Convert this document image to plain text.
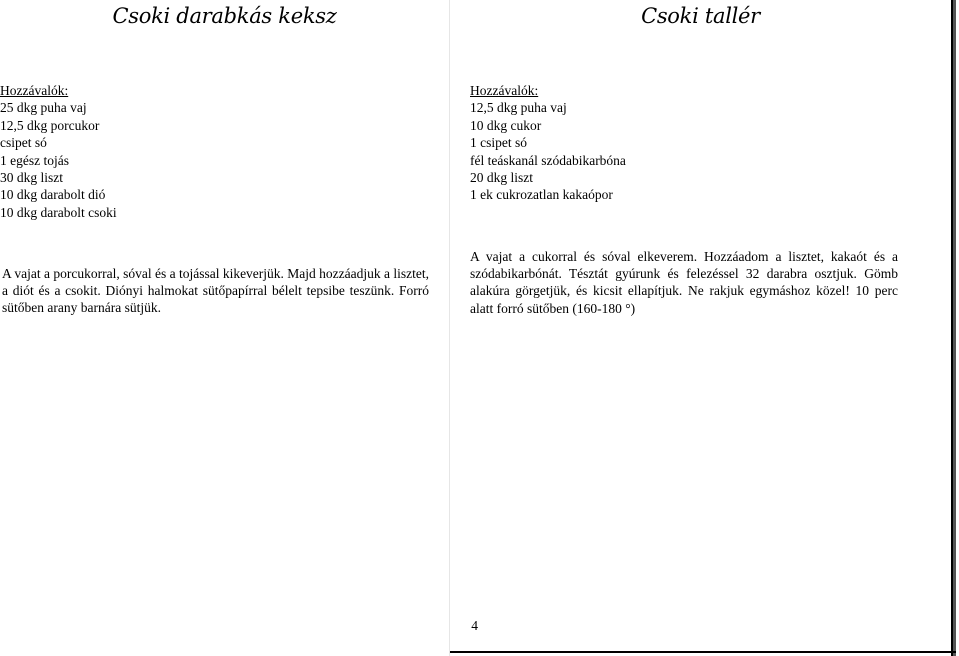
Csoki darabkás keksz
Hozzávalók:
25 dkg puha vaj
12,5 dkg porcukor
csipet só
1 egész tojás
30 dkg liszt
10 dkg darabolt dió
10 dkg darabolt csoki

A vajat a porcukorral, sóval és a tojással kikeverjük. Majd hozzáadjuk a lisztet, a diót és a csokit. Diónyi halmokat sütőpapírral bélelt tepsibe teszünk. Forró sütőben arany barnára sütjük.

Csoki tallér
Hozzávalók:
12,5 dkg puha vaj
10 dkg cukor
1 csipet só
fél teáskanál szódabikarbóna
20 dkg liszt
1 ek cukrozatlan kakaópor

A vajat a cukorral és sóval elkeverem. Hozzáadom a lisztet, kakaót és a szódabikarbónát. Tésztát gyúrunk és felezéssel 32 darabra osztjuk. Gömb alakúra görgetjük, és kicsit ellapítjuk. Ne rakjuk egymáshoz közel! 10 perc alatt forró sütőben (160-180 °)

4
